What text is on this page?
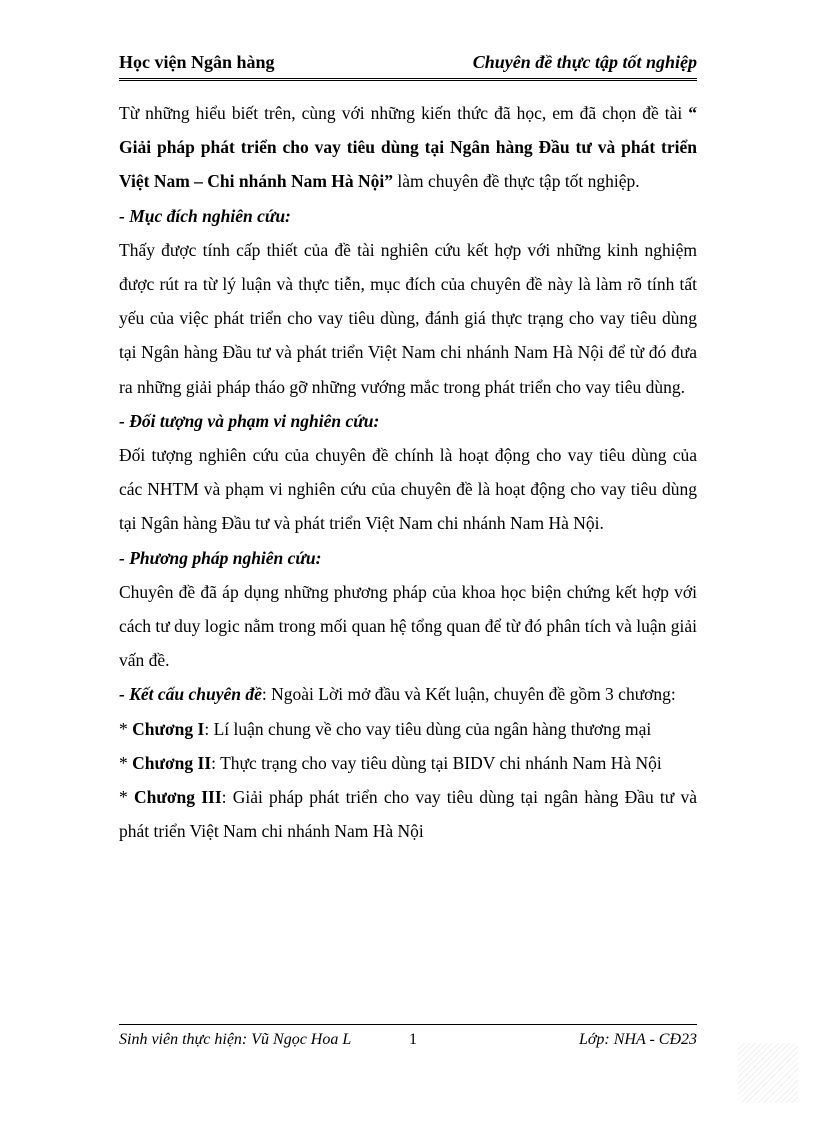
Học viện Ngân hàng	Chuyên đề thực tập tốt nghiệp

Từ những hiểu biết trên, cùng với những kiến thức đã học, em đã chọn đề tài “ Giải pháp phát triển cho vay tiêu dùng tại Ngân hàng Đầu tư và phát triển Việt Nam – Chi nhánh Nam Hà Nội” làm chuyên đề thực tập tốt nghiệp.

- Mục đích nghiên cứu:

Thấy được tính cấp thiết của đề tài nghiên cứu kết hợp với những kinh nghiệm được rút ra từ lý luận và thực tiễn, mục đích của chuyên đề này là làm rõ tính tất yếu của việc phát triển cho vay tiêu dùng, đánh giá thực trạng cho vay tiêu dùng tại Ngân hàng Đầu tư và phát triển Việt Nam chi nhánh Nam Hà Nội để từ đó đưa ra những giải pháp tháo gỡ những vướng mắc trong phát triển cho vay tiêu dùng.

- Đối tượng và phạm vi nghiên cứu:

Đối tượng nghiên cứu của chuyên đề chính là hoạt động cho vay tiêu dùng của các NHTM và phạm vi nghiên cứu của chuyên đề là hoạt động cho vay tiêu dùng tại Ngân hàng Đầu tư và phát triển Việt Nam chi nhánh Nam Hà Nội.

- Phương pháp nghiên cứu:

Chuyên đề đã áp dụng những phương pháp của khoa học biện chứng kết hợp với cách tư duy logic nằm trong mối quan hệ tổng quan để từ đó phân tích và luận giải vấn đề.

- Kết cấu chuyên đề: Ngoài Lời mở đầu và Kết luận, chuyên đề gồm 3 chương:

* Chương I: Lí luận chung về cho vay tiêu dùng của ngân hàng thương mại

* Chương II: Thực trạng cho vay tiêu dùng tại BIDV chi nhánh Nam Hà Nội

* Chương III: Giải pháp phát triển cho vay tiêu dùng tại ngân hàng Đầu tư và phát triển Việt Nam chi nhánh Nam Hà Nội

Sinh viên thực hiện: Vũ Ngọc Hoa L	1	Lớp: NHA - CĐ23
